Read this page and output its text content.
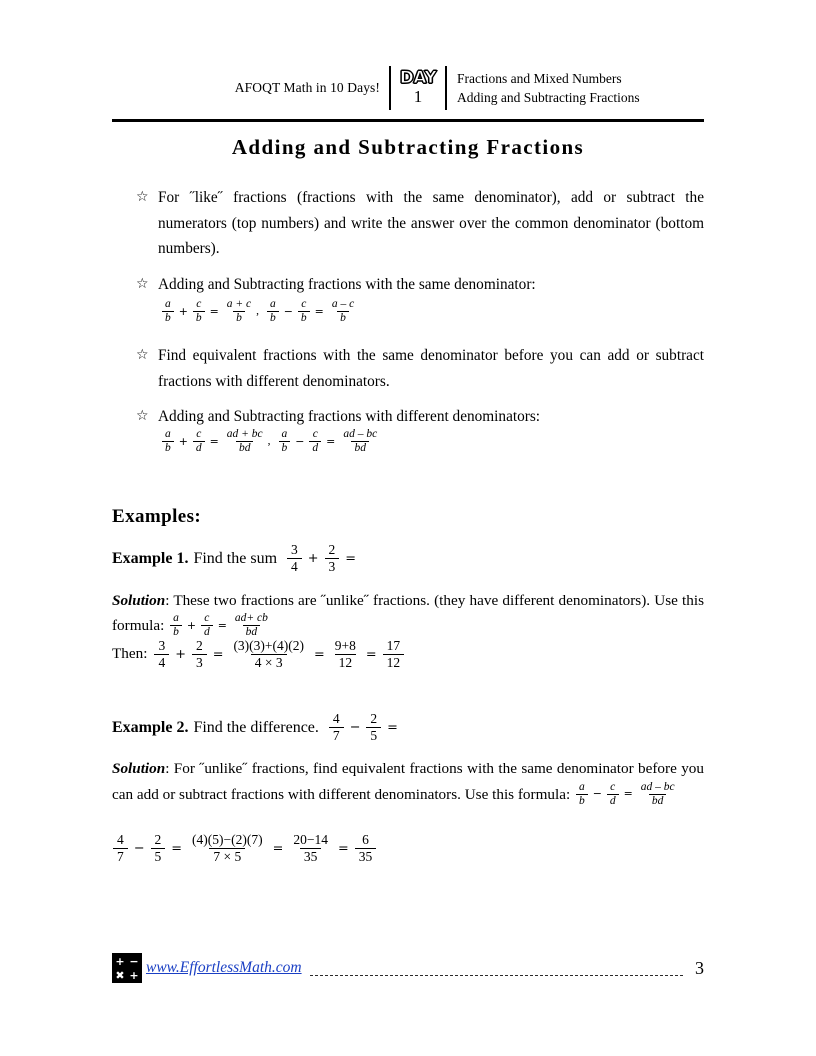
AFOQT Math in 10 Days!	DAY
1
Fractions and Mixed Numbers
Adding and Subtracting Fractions
Adding and Subtracting Fractions
☆ For ˝like˝ fractions (fractions with the same denominator), add or subtract the numerators (top numbers) and write the answer over the common denominator (bottom numbers).
☆ Adding and Subtracting fractions with the same denominator:
☆ Find equivalent fractions with the same denominator before you can add or subtract fractions with different denominators.
☆ Adding and Subtracting fractions with different denominators:
$\frac{a}{b} + \frac{c}{b} = \frac{a + c}{b}$ , $\frac{a}{b} - \frac{c}{b} = \frac{a - c}{b}$
$\frac{a}{b} + \frac{c}{d} = \frac{ad + bc}{bd}$ , $\frac{a}{b} - \frac{c}{d} = \frac{ad - bc}{bd}$
Examples:
Example 1. Find the sum $\frac{3}{4} + \frac{2}{3}$ =
Solution: These two fractions are ˝unlike˝ fractions. (they have different denominators). Use this formula: $\frac{a}{b} + \frac{c}{d} = \frac{ad+ cb}{bd}$
Then: $\frac{3}{4} + \frac{2}{3} = \frac{(3)(3)+(4)(2)}{4 \times 3} = \frac{9+8}{12} = \frac{17}{12}$
Example 2. Find the difference. $\frac{4}{7} - \frac{2}{5}$ =
Solution: For ˝unlike˝ fractions, find equivalent fractions with the same denominator before you can add or subtract fractions with different denominators. Use this formula: $\frac{a}{b} - \frac{c}{d} = \frac{ad - bc}{bd}$
$\frac{4}{7} - \frac{2}{5} = \frac{(4)(5)-(2)(7)}{7 \times 5} = \frac{20-14}{35} = \frac{6}{35}$
+ −
✖ + www.EffortlessMath.com	3
